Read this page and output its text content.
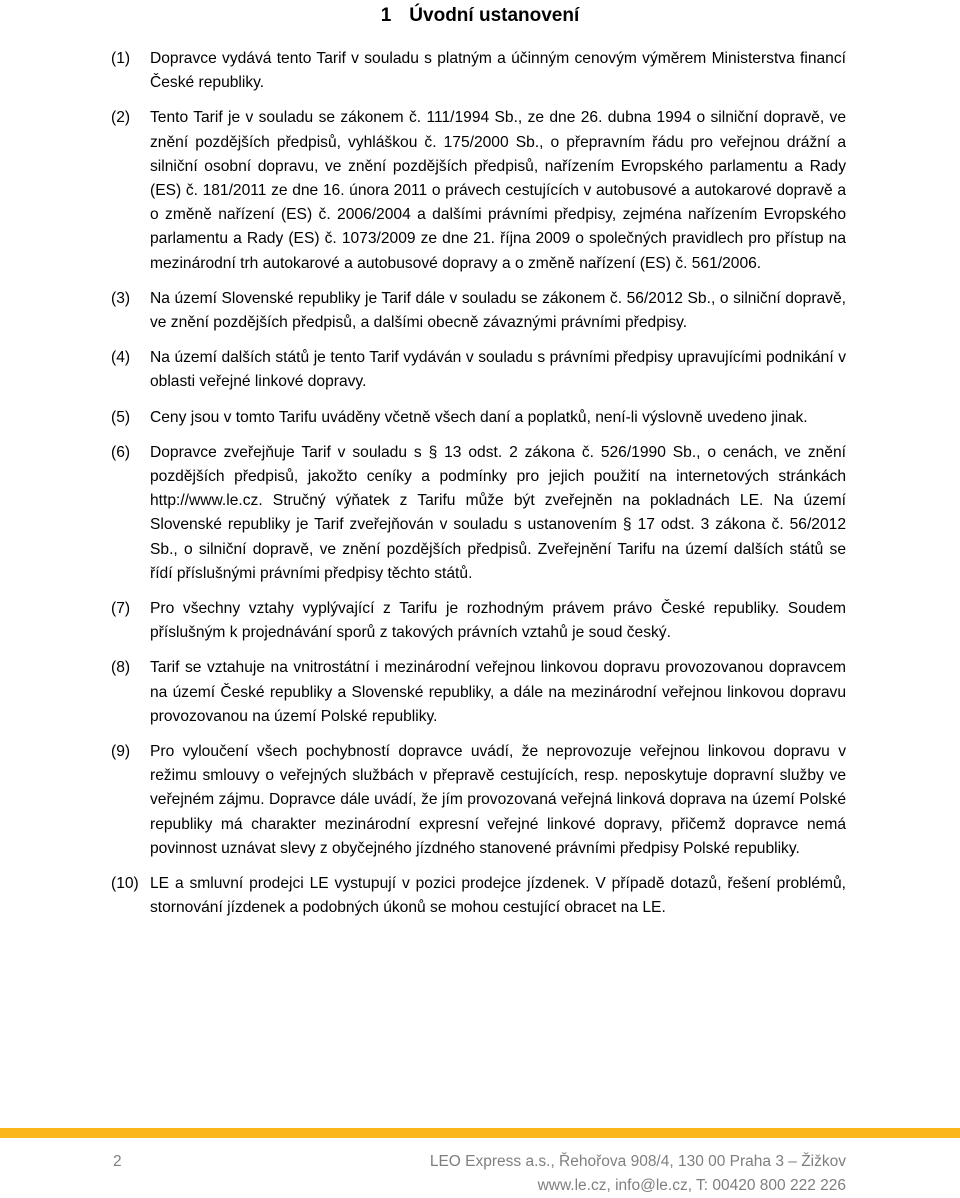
1 Úvodní ustanovení
(1)	Dopravce vydává tento Tarif v souladu s platným a účinným cenovým výměrem Ministerstva financí České republiky.
(2)	Tento Tarif je v souladu se zákonem č. 111/1994 Sb., ze dne 26. dubna 1994 o silniční dopravě, ve znění pozdějších předpisů, vyhláškou č. 175/2000 Sb., o přepravním řádu pro veřejnou drážní a silniční osobní dopravu, ve znění pozdějších předpisů, nařízením Evropského parlamentu a Rady (ES) č. 181/2011 ze dne 16. února 2011 o právech cestujících v autobusové a autokarové dopravě a o změně nařízení (ES) č. 2006/2004 a dalšími právními předpisy, zejména nařízením Evropského parlamentu a Rady (ES) č. 1073/2009 ze dne 21. října 2009 o společných pravidlech pro přístup na mezinárodní trh autokarové a autobusové dopravy a o změně nařízení (ES) č. 561/2006.
(3)	Na území Slovenské republiky je Tarif dále v souladu se zákonem č. 56/2012 Sb., o silniční dopravě, ve znění pozdějších předpisů, a dalšími obecně závaznými právními předpisy.
(4)	Na území dalších států je tento Tarif vydáván v souladu s právními předpisy upravujícími podnikání v oblasti veřejné linkové dopravy.
(5)	Ceny jsou v tomto Tarifu uváděny včetně všech daní a poplatků, není-li výslovně uvedeno jinak.
(6)	Dopravce zveřejňuje Tarif v souladu s § 13 odst. 2 zákona č. 526/1990 Sb., o cenách, ve znění pozdějších předpisů, jakožto ceníky a podmínky pro jejich použití na internetových stránkách http://www.le.cz. Stručný výňatek z Tarifu může být zveřejněn na pokladnách LE. Na území Slovenské republiky je Tarif zveřejňován v souladu s ustanovením § 17 odst. 3 zákona č. 56/2012 Sb., o silniční dopravě, ve znění pozdějších předpisů. Zveřejnění Tarifu na území dalších států se řídí příslušnými právními předpisy těchto států.
(7)	Pro všechny vztahy vyplývající z Tarifu je rozhodným právem právo České republiky. Soudem příslušným k projednávání sporů z takových právních vztahů je soud český.
(8)	Tarif se vztahuje na vnitrostátní i mezinárodní veřejnou linkovou dopravu provozovanou dopravcem na území České republiky a Slovenské republiky, a dále na mezinárodní veřejnou linkovou dopravu provozovanou na území Polské republiky.
(9)	Pro vyloučení všech pochybností dopravce uvádí, že neprovozuje veřejnou linkovou dopravu v režimu smlouvy o veřejných službách v přepravě cestujících, resp. neposkytuje dopravní služby ve veřejném zájmu. Dopravce dále uvádí, že jím provozovaná veřejná linková doprava na území Polské republiky má charakter mezinárodní expresní veřejné linkové dopravy, přičemž dopravce nemá povinnost uznávat slevy z obyčejného jízdného stanovené právními předpisy Polské republiky.
(10) LE a smluvní prodejci LE vystupují v pozici prodejce jízdenek. V případě dotazů, řešení problémů, stornování jízdenek a podobných úkonů se mohou cestující obracet na LE.
2	LEO Express a.s., Řehořova 908/4, 130 00 Praha 3 – Žižkov
www.le.cz, info@le.cz, T: 00420 800 222 226
